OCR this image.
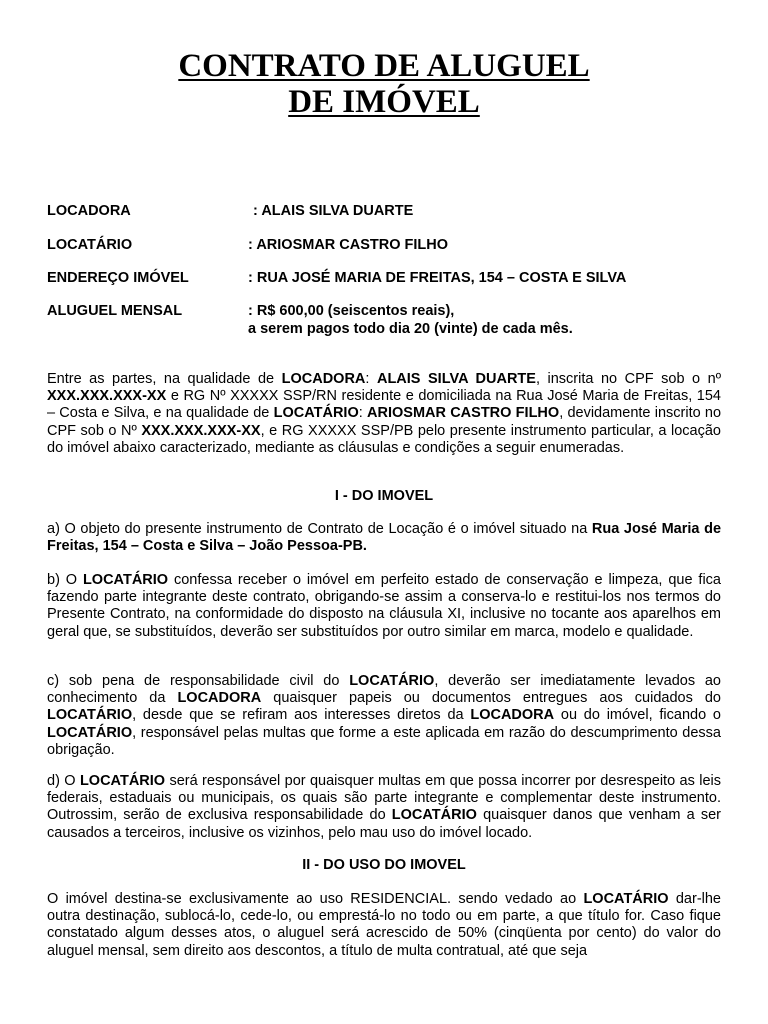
CONTRATO DE ALUGUEL
DE IMÓVEL
LOCADORA	: ALAIS SILVA DUARTE
LOCATÁRIO	: ARIOSMAR CASTRO FILHO
ENDEREÇO IMÓVEL	: RUA JOSÉ MARIA DE FREITAS, 154 – COSTA E SILVA
ALUGUEL MENSAL	: R$ 600,00 (seiscentos reais),
a serem pagos todo dia 20 (vinte) de cada mês.
Entre as partes, na qualidade de LOCADORA: ALAIS SILVA DUARTE, inscrita no CPF sob o nº XXX.XXX.XXX-XX e RG Nº XXXXX SSP/RN residente e domiciliada na Rua José Maria de Freitas, 154 – Costa e Silva, e na qualidade de LOCATÁRIO: ARIOSMAR CASTRO FILHO, devidamente inscrito no CPF sob o Nº XXX.XXX.XXX-XX, e RG XXXXX SSP/PB pelo presente instrumento particular, a locação do imóvel abaixo caracterizado, mediante as cláusulas e condições a seguir enumeradas.
I - DO IMOVEL
a) O objeto do presente instrumento de Contrato de Locação é o imóvel situado na Rua José Maria de Freitas, 154 – Costa e Silva – João Pessoa-PB.
b) O LOCATÁRIO confessa receber o imóvel em perfeito estado de conservação e limpeza, que fica fazendo parte integrante deste contrato, obrigando-se assim a conserva-lo e restitui-los nos termos do Presente Contrato, na conformidade do disposto na cláusula XI, inclusive no tocante aos aparelhos em geral que, se substituídos, deverão ser substituídos por outro similar em marca, modelo e qualidade.
c) sob pena de responsabilidade civil do LOCATÁRIO, deverão ser imediatamente levados ao conhecimento da LOCADORA quaisquer papeis ou documentos entregues aos cuidados do LOCATÁRIO, desde que se refiram aos interesses diretos da LOCADORA ou do imóvel, ficando o LOCATÁRIO, responsável pelas multas que forme a este aplicada em razão do descumprimento dessa obrigação.
d) O LOCATÁRIO será responsável por quaisquer multas em que possa incorrer por desrespeito as leis federais, estaduais ou municipais, os quais são parte integrante e complementar deste instrumento. Outrossim, serão de exclusiva responsabilidade do LOCATÁRIO quaisquer danos que venham a ser causados a terceiros, inclusive os vizinhos, pelo mau uso do imóvel locado.
II - DO USO DO IMOVEL
O imóvel destina-se exclusivamente ao uso RESIDENCIAL. sendo vedado ao LOCATÁRIO dar-lhe outra destinação, sublocá-lo, cede-lo, ou emprestá-lo no todo ou em parte, a que título for. Caso fique constatado algum desses atos, o aluguel será acrescido de 50% (cinqüenta por cento) do valor do aluguel mensal, sem direito aos descontos, a título de multa contratual, até que seja
